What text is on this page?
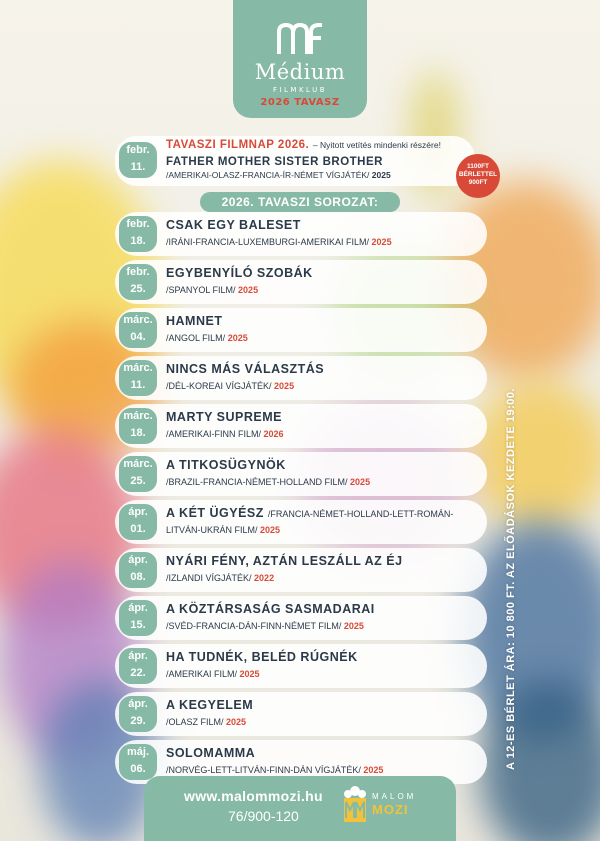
Médium
FILMKLUB
2026 TAVASZ
febr.
11.
TAVASZI FILMNAP 2026. – Nyitott vetítés mindenki részére!
FATHER MOTHER SISTER BROTHER
/AMERIKAI-OLASZ-FRANCIA-ÍR-NÉMET VÍGJÁTÉK/ 2025
1100FT
BÉRLETTEL
900FT
2026. TAVASZI SOROZAT:
febr.
18.
CSAK EGY BALESET
/IRÁNI-FRANCIA-LUXEMBURGI-AMERIKAI FILM/ 2025
febr.
25.
EGYBENYÍLÓ SZOBÁK
/SPANYOL FILM/ 2025
márc.
04.
HAMNET
/ANGOL FILM/ 2025
márc.
11.
NINCS MÁS VÁLASZTÁS
/DÉL-KOREAI VÍGJÁTÉK/ 2025
márc.
18.
MARTY SUPREME
/AMERIKAI-FINN FILM/ 2026
márc.
25.
A TITKOSÜGYNÖK
/BRAZIL-FRANCIA-NÉMET-HOLLAND FILM/ 2025
ápr.
01.
A KÉT ÜGYÉSZ /FRANCIA-NÉMET-HOLLAND-LETT-ROMÁN-
LITVÁN-UKRÁN FILM/ 2025
ápr.
08.
NYÁRI FÉNY, AZTÁN LESZÁLL AZ ÉJ
/IZLANDI VÍGJÁTÉK/ 2022
ápr.
15.
A KÖZTÁRSASÁG SASMADARAI
/SVÉD-FRANCIA-DÁN-FINN-NÉMET FILM/ 2025
ápr.
22.
HA TUDNÉK, BELÉD RÚGNÉK
/AMERIKAI FILM/ 2025
ápr.
29.
A KEGYELEM
/OLASZ FILM/ 2025
máj.
06.
SOLOMAMMA
/NORVÉG-LETT-LITVÁN-FINN-DÁN VÍGJÁTÉK/ 2025	A 12-ES BÉRLET ÁRA: 10 800 FT. AZ ELŐADÁSOK KEZDETE 19:00.
www.malommozi.hu
76/900-120
MALOM
MOZI
